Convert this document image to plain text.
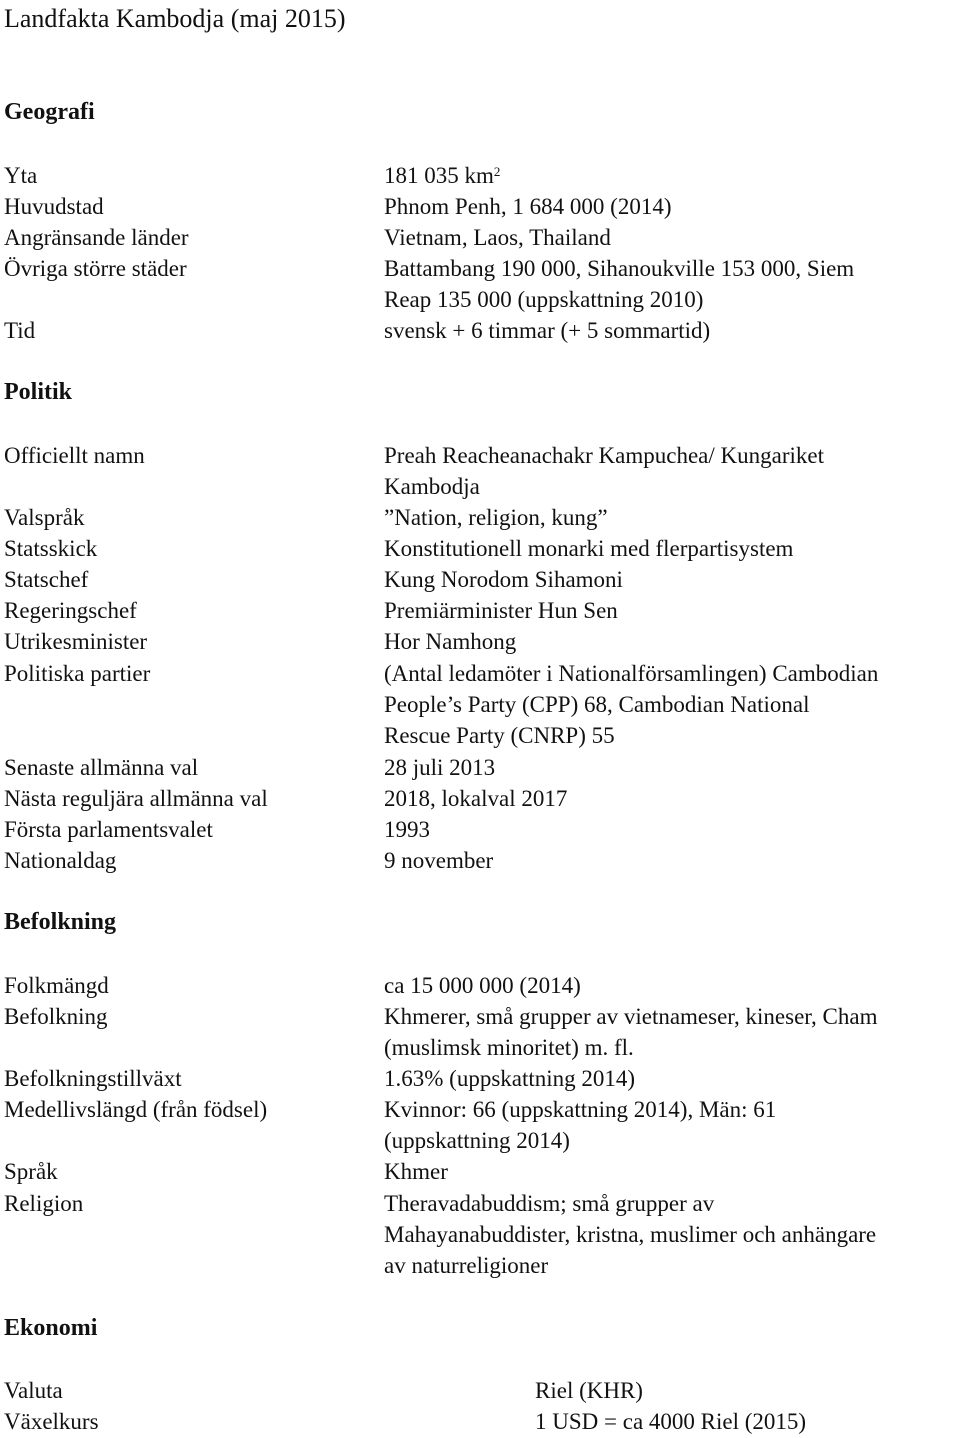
Landfakta Kambodja (maj 2015)
Geografi
Yta	181 035 $km^2$
Huvudstad	Phnom Penh, 1 684 000 (2014)
Angränsande länder	Vietnam, Laos, Thailand
Övriga större städer	Battambang 190 000, Sihanoukville 153 000, Siem
Reap 135 000 (uppskattning 2010)
Tid	svensk + 6 timmar (+ 5 sommartid)
Politik
Officiellt namn	Preah Reacheanachakr Kampuchea/ Kungariket
Kambodja
Valspråk	”Nation, religion, kung”
Statsskick	Konstitutionell monarki med flerpartisystem
Statschef	Kung Norodom Sihamoni
Regeringschef	Premiärminister Hun Sen
Utrikesminister	Hor Namhong
Politiska partier	(Antal ledamöter i Nationalförsamlingen) Cambodian
People’s Party (CPP) 68, Cambodian National
Rescue Party (CNRP) 55
Senaste allmänna val	28 juli 2013
Nästa reguljära allmänna val	2018, lokalval 2017
Första parlamentsvalet	1993
Nationaldag	9 november
Befolkning
Folkmängd	ca 15 000 000 (2014)
Befolkning	Khmerer, små grupper av vietnameser, kineser, Cham
(muslimsk minoritet) m. fl.
Befolkningstillväxt	1.63% (uppskattning 2014)
Medellivslängd (från födsel)	Kvinnor: 66 (uppskattning 2014), Män: 61
(uppskattning 2014)
Språk	Khmer
Religion	Theravadabuddism; små grupper av
Mahayanabuddister, kristna, muslimer och anhängare
av naturreligioner
Ekonomi
Valuta	Riel (KHR)
Växelkurs	1 USD = ca 4000 Riel (2015)
